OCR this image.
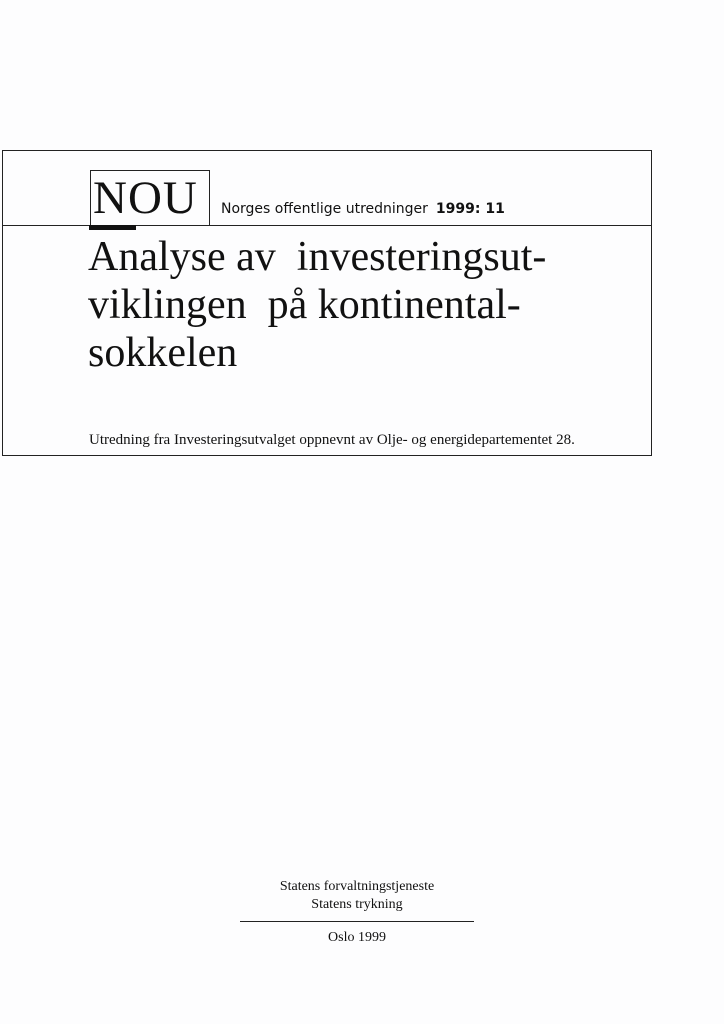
NOU Norges offentlige utredninger 1999: 11
Analyse av  investeringsut-
viklingen  på kontinental-
sokkelen
Utredning fra Investeringsutvalget oppnevnt av Olje- og energidepartementet 28.
Statens forvaltningstjeneste
Statens trykning
Oslo 1999
